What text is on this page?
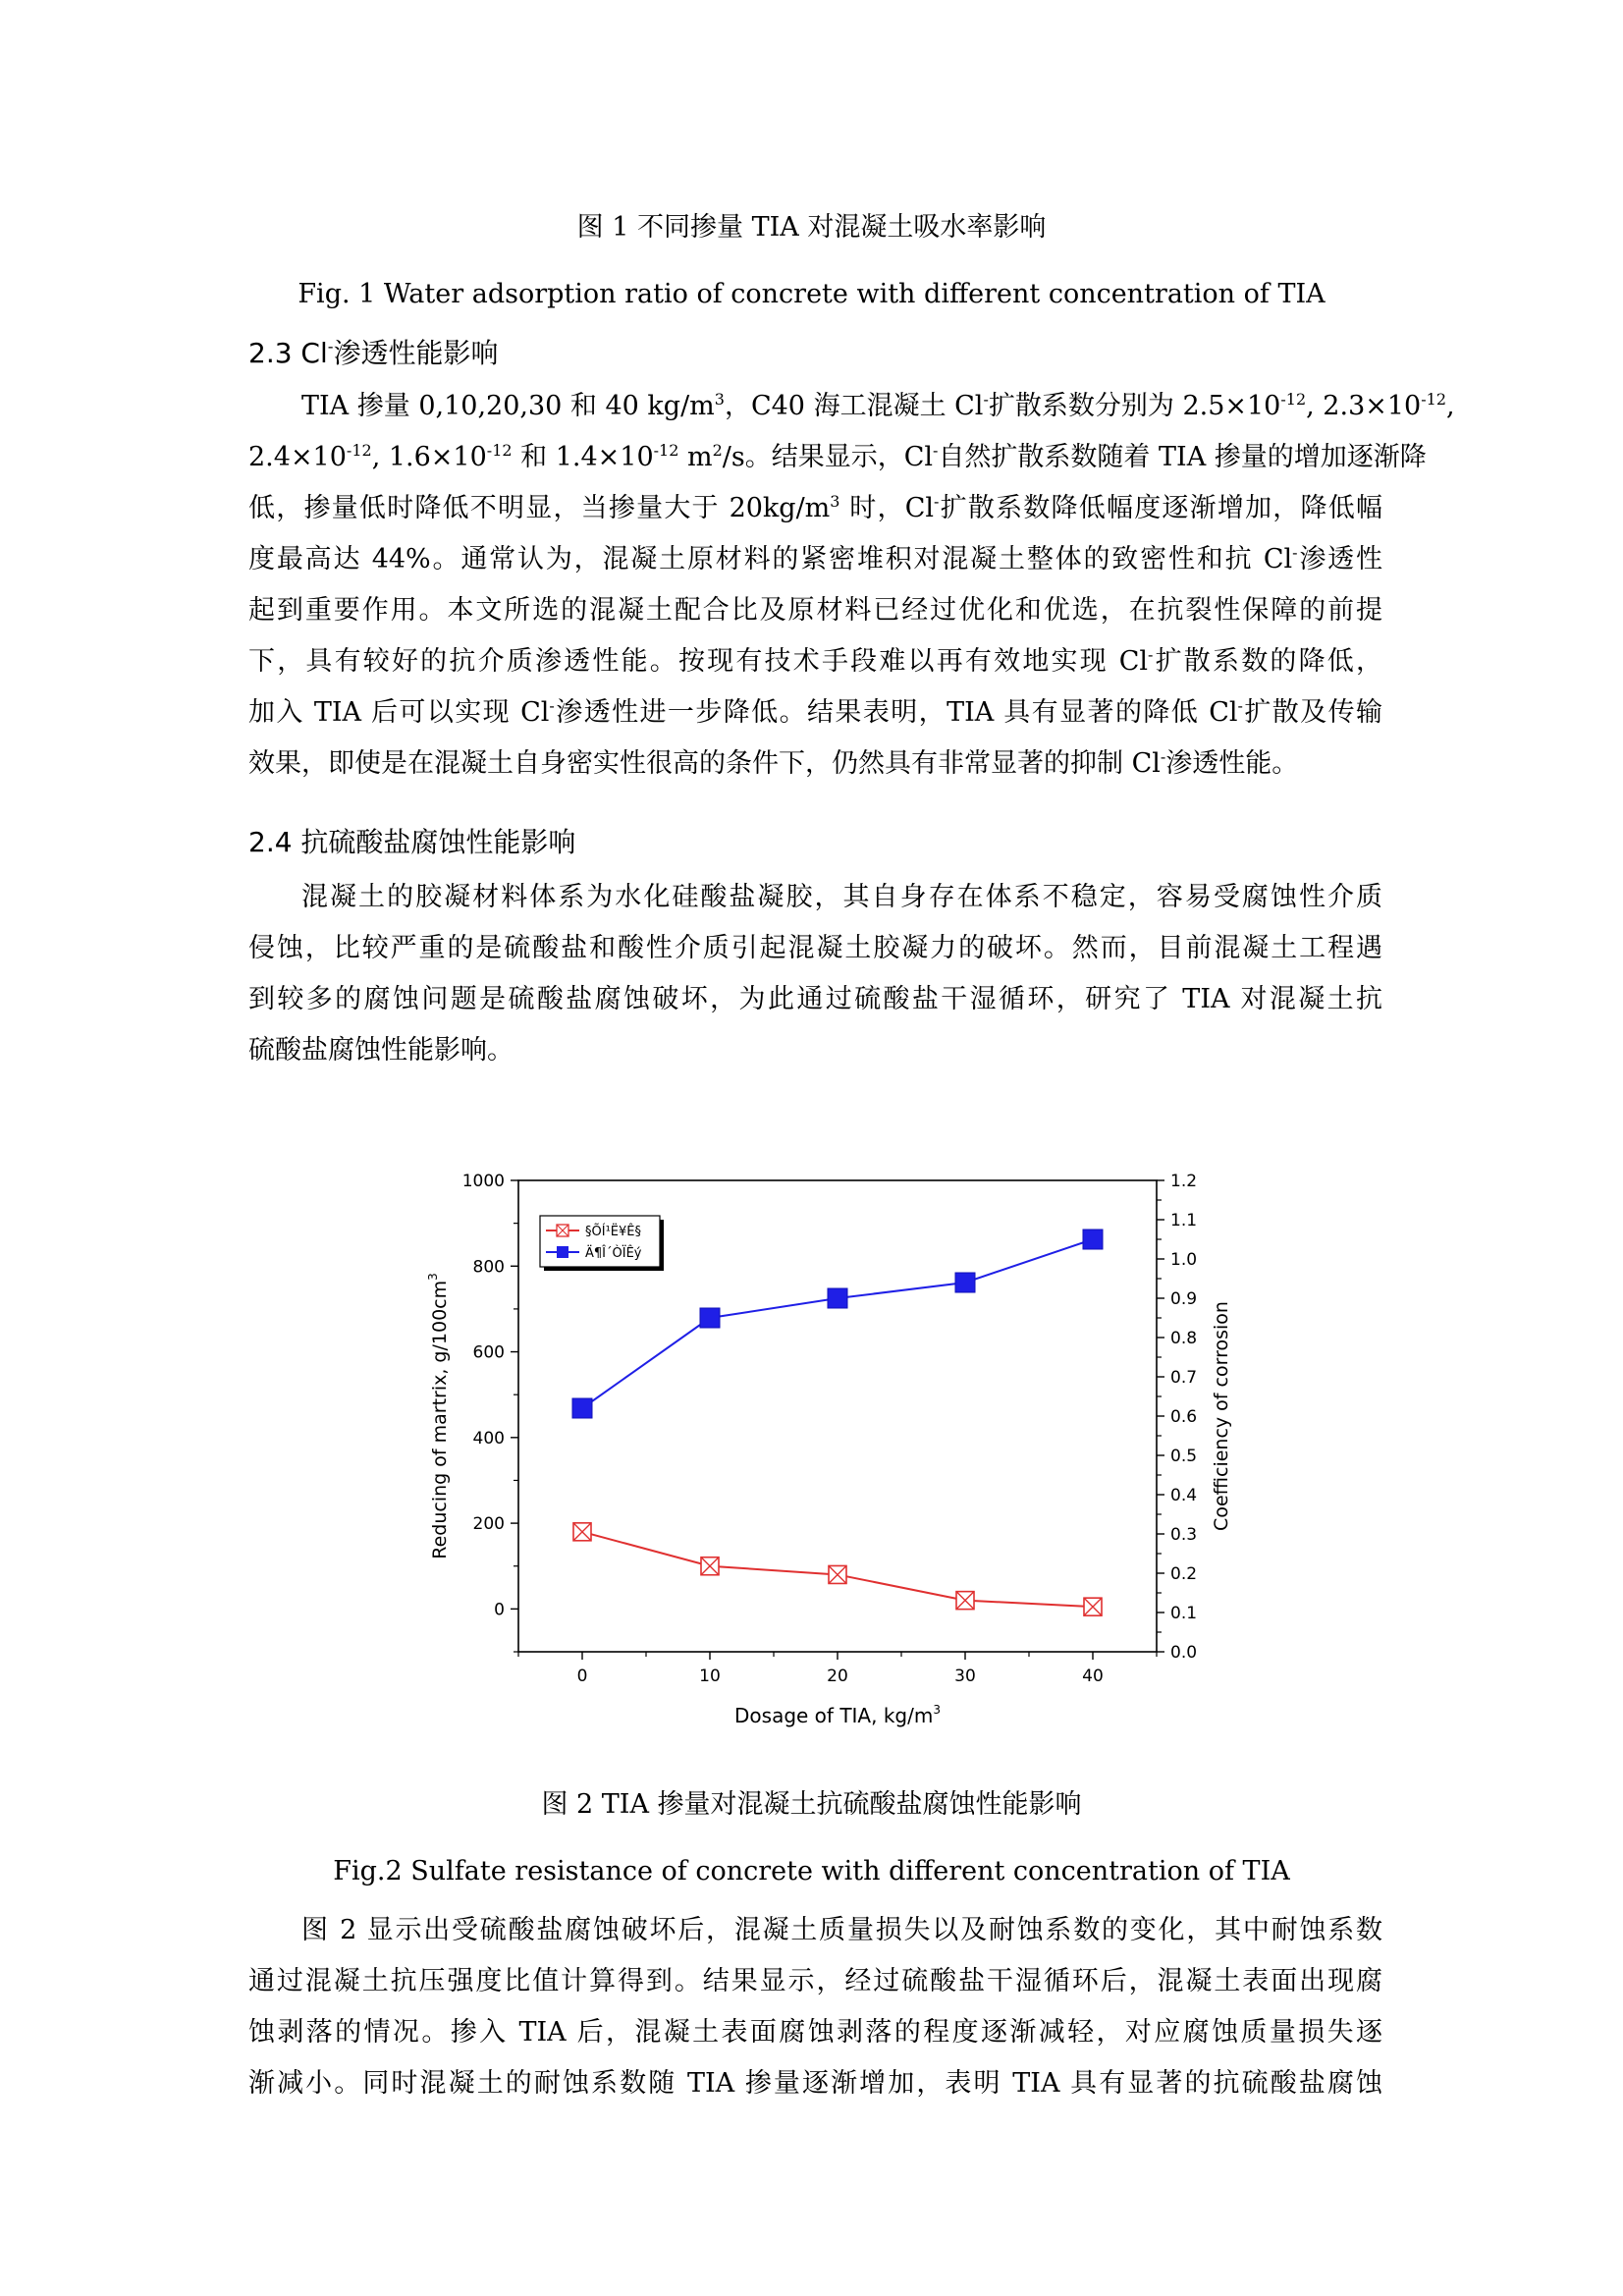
图 1 不同掺量 TIA 对混凝土吸水率影响
Fig. 1 Water adsorption ratio of concrete with different concentration of TIA
2.3 Cl-渗透性能影响
TIA 掺量 0,10,20,30 和 40 $kg/m^3$，C40 海工混凝土 Cl-扩散系数分别为 $2.5\times 10^{-12}$, $2.3\times 10^{-12}$,
$2.4\times 10^{-12}$, $1.6\times 10^{-12}$ 和 $1.4\times 10^{-12}$ $m^2/s$。结果显示，Cl-自然扩散系数随着 TIA 掺量的增加逐渐降
低，掺量低时降低不明显，当掺量大于 $20kg/m^3$ 时，Cl-扩散系数降低幅度逐渐增加，降低幅
度最高达 44%。通常认为，混凝土原材料的紧密堆积对混凝土整体的致密性和抗 Cl-渗透性
起到重要作用。本文所选的混凝土配合比及原材料已经过优化和优选，在抗裂性保障的前提
下，具有较好的抗介质渗透性能。按现有技术手段难以再有效地实现 Cl-扩散系数的降低，
加入 TIA 后可以实现 Cl-渗透性进一步降低。结果表明，TIA 具有显著的降低 Cl-扩散及传输
效果，即使是在混凝土自身密实性很高的条件下，仍然具有非常显著的抑制 Cl-渗透性能。
2.4 抗硫酸盐腐蚀性能影响
混凝土的胶凝材料体系为水化硅酸盐凝胶，其自身存在体系不稳定，容易受腐蚀性介质
侵蚀，比较严重的是硫酸盐和酸性介质引起混凝土胶凝力的破坏。然而，目前混凝土工程遇
到较多的腐蚀问题是硫酸盐腐蚀破坏，为此通过硫酸盐干湿循环，研究了 TIA 对混凝土抗
硫酸盐腐蚀性能影响。
0	10	20	30	40
0
200
400
600
800
1000
0.0
0.1
0.2
0.3
0.4
0.5
0.6
0.7
0.8
0.9
1.0
1.1
1.2
Dosage of TIA, $kg/m^3$
Reducing of martrix, $g/100cm^3$
Coefficiency of corrosion
§ÕÍ¹Ë¥Ê§
Ä¶Î´ÒÏÊý
图 2 TIA 掺量对混凝土抗硫酸盐腐蚀性能影响
Fig.2 Sulfate resistance of concrete with different concentration of TIA
图 2 显示出受硫酸盐腐蚀破坏后，混凝土质量损失以及耐蚀系数的变化，其中耐蚀系数
通过混凝土抗压强度比值计算得到。结果显示，经过硫酸盐干湿循环后，混凝土表面出现腐
蚀剥落的情况。掺入 TIA 后，混凝土表面腐蚀剥落的程度逐渐减轻，对应腐蚀质量损失逐
渐减小。同时混凝土的耐蚀系数随 TIA 掺量逐渐增加，表明 TIA 具有显著的抗硫酸盐腐蚀
